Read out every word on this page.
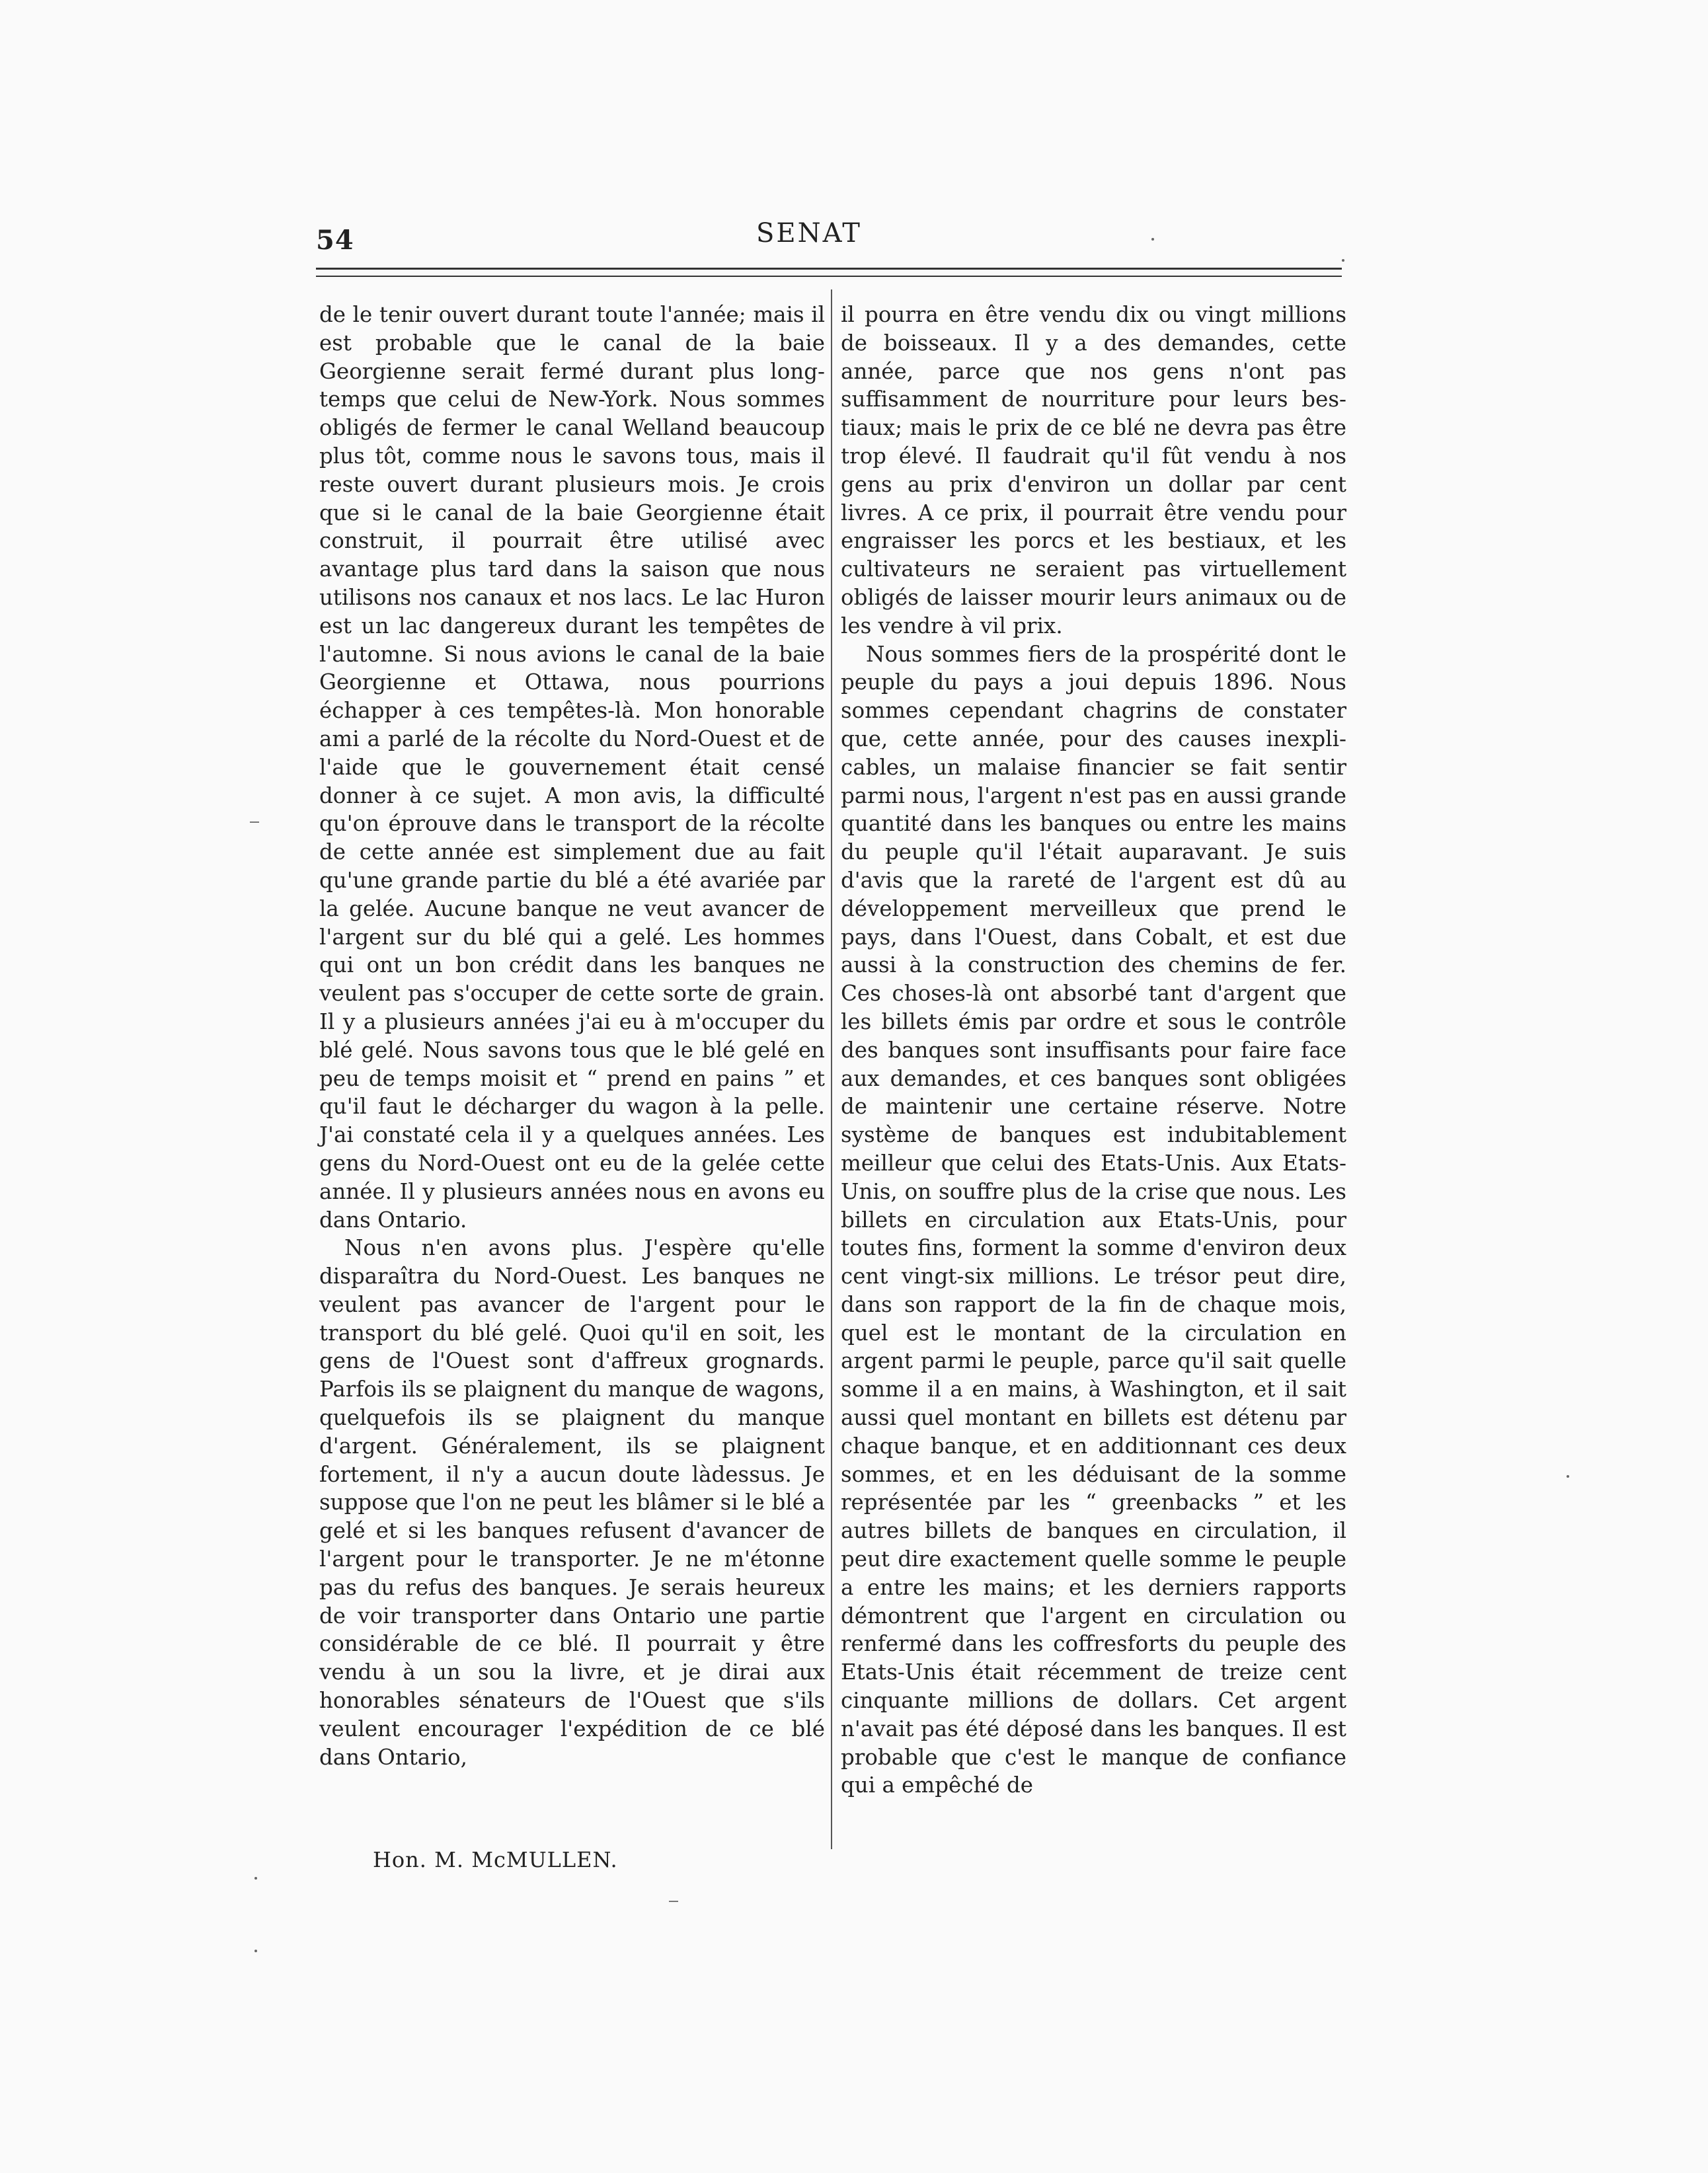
54	SENAT

de le tenir ouvert durant toute l'année; mais il est probable que le canal de la baie Georgienne serait fermé durant plus longtemps que celui de New-York. Nous sommes obligés de fermer le canal Welland beaucoup plus tôt, comme nous le savons tous, mais il reste ouvert durant plusieurs mois. Je crois que si le canal de la baie Georgienne était construit, il pourrait être utilisé avec avantage plus tard dans la saison que nous utilisons nos canaux et nos lacs. Le lac Huron est un lac dangereux durant les tempêtes de l'automne. Si nous avions le canal de la baie Georgienne et Ottawa, nous pourrions échapper à ces tempêtes-là. Mon honorable ami a parlé de la récolte du Nord-Ouest et de l'aide que le gouvernement était censé donner à ce sujet. A mon avis, la difficulté qu'on éprouve dans le transport de la récolte de cette année est simplement due au fait qu'une grande partie du blé a été avariée par la gelée. Aucune banque ne veut avancer de l'argent sur du blé qui a gelé. Les hommes qui ont un bon crédit dans les banques ne veulent pas s'occuper de cette sorte de grain. Il y a plusieurs années j'ai eu à m'occuper du blé gelé. Nous savons tous que le blé gelé en peu de temps moisit et “ prend en pains ” et qu'il faut le décharger du wagon à la pelle. J'ai constaté cela il y a quelques années. Les gens du Nord-Ouest ont eu de la gelée cette année. Il y plusieurs années nous en avons eu dans Ontario.

Nous n'en avons plus. J'espère qu'elle disparaîtra du Nord-Ouest. Les banques ne veulent pas avancer de l'argent pour le transport du blé gelé. Quoi qu'il en soit, les gens de l'Ouest sont d'affreux grognards. Parfois ils se plaignent du manque de wagons, quelquefois ils se plaignent du manque d'argent. Généralement, ils se plaignent fortement, il n'y a aucun doute làdessus. Je suppose que l'on ne peut les blâmer si le blé a gelé et si les banques refusent d'avancer de l'argent pour le transporter. Je ne m'étonne pas du refus des banques. Je serais heureux de voir transporter dans Ontario une partie considérable de ce blé. Il pourrait y être vendu à un sou la livre, et je dirai aux honorables sénateurs de l'Ouest que s'ils veulent encourager l'expédition de ce blé dans Ontario,

il pourra en être vendu dix ou vingt millions de boisseaux. Il y a des demandes, cette année, parce que nos gens n'ont pas suffisamment de nourriture pour leurs bestiaux; mais le prix de ce blé ne devra pas être trop élevé. Il faudrait qu'il fût vendu à nos gens au prix d'environ un dollar par cent livres. A ce prix, il pourrait être vendu pour engraisser les porcs et les bestiaux, et les cultivateurs ne seraient pas virtuellement obligés de laisser mourir leurs animaux ou de les vendre à vil prix.

Nous sommes fiers de la prospérité dont le peuple du pays a joui depuis 1896. Nous sommes cependant chagrins de constater que, cette année, pour des causes inexplicables, un malaise financier se fait sentir parmi nous, l'argent n'est pas en aussi grande quantité dans les banques ou entre les mains du peuple qu'il l'était auparavant. Je suis d'avis que la rareté de l'argent est dû au développement merveilleux que prend le pays, dans l'Ouest, dans Cobalt, et est due aussi à la construction des chemins de fer. Ces choses-là ont absorbé tant d'argent que les billets émis par ordre et sous le contrôle des banques sont insuffisants pour faire face aux demandes, et ces banques sont obligées de maintenir une certaine réserve. Notre système de banques est indubitablement meilleur que celui des Etats-Unis. Aux Etats-Unis, on souffre plus de la crise que nous. Les billets en circulation aux Etats-Unis, pour toutes fins, forment la somme d'environ deux cent vingt-six millions. Le trésor peut dire, dans son rapport de la fin de chaque mois, quel est le montant de la circulation en argent parmi le peuple, parce qu'il sait quelle somme il a en mains, à Washington, et il sait aussi quel montant en billets est détenu par chaque banque, et en additionnant ces deux sommes, et en les déduisant de la somme représentée par les “ greenbacks ” et les autres billets de banques en circulation, il peut dire exactement quelle somme le peuple a entre les mains; et les derniers rapports démontrent que l'argent en circulation ou renfermé dans les coffresforts du peuple des Etats-Unis était récemment de treize cent cinquante millions de dollars. Cet argent n'avait pas été déposé dans les banques. Il est probable que c'est le manque de confiance qui a empêché de

Hon. M. McMULLEN.
